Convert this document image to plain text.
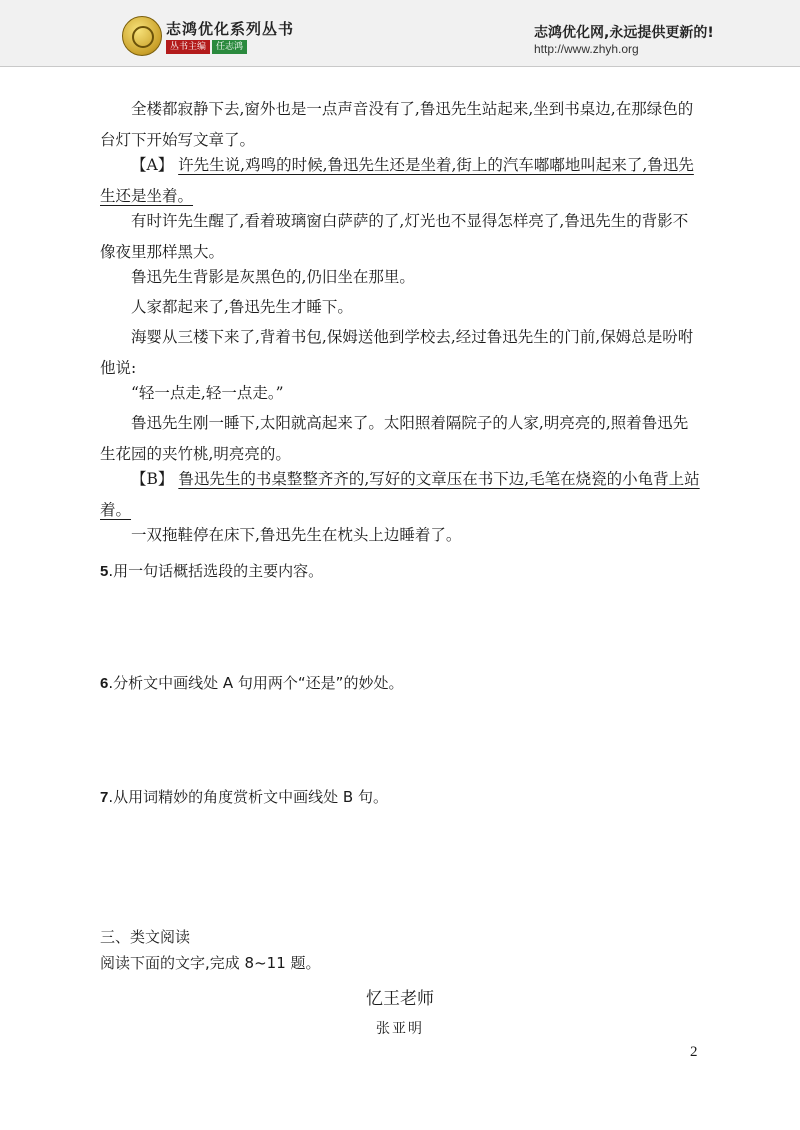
志鸿优化系列丛书
丛书主编	任志鸿
志鸿优化网,永远提供更新的!
http://www.zhyh.org

全楼都寂静下去,窗外也是一点声音没有了,鲁迅先生站起来,坐到书桌边,在那绿色的台灯下开始写文章了。

【A】 许先生说,鸡鸣的时候,鲁迅先生还是坐着,街上的汽车嘟嘟地叫起来了,鲁迅先生还是坐着。

有时许先生醒了,看着玻璃窗白萨萨的了,灯光也不显得怎样亮了,鲁迅先生的背影不像夜里那样黑大。

鲁迅先生背影是灰黑色的,仍旧坐在那里。

人家都起来了,鲁迅先生才睡下。

海婴从三楼下来了,背着书包,保姆送他到学校去,经过鲁迅先生的门前,保姆总是吩咐他说:

“轻一点走,轻一点走。”

鲁迅先生刚一睡下,太阳就高起来了。太阳照着隔院子的人家,明亮亮的,照着鲁迅先生花园的夹竹桃,明亮亮的。

【B】 鲁迅先生的书桌整整齐齐的,写好的文章压在书下边,毛笔在烧瓷的小龟背上站着。

一双拖鞋停在床下,鲁迅先生在枕头上边睡着了。

5.用一句话概括选段的主要内容。

6.分析文中画线处 A 句用两个“还是”的妙处。

7.从用词精妙的角度赏析文中画线处 B 句。

三、类文阅读

阅读下面的文字,完成 8~11 题。

忆王老师
张亚明
2
